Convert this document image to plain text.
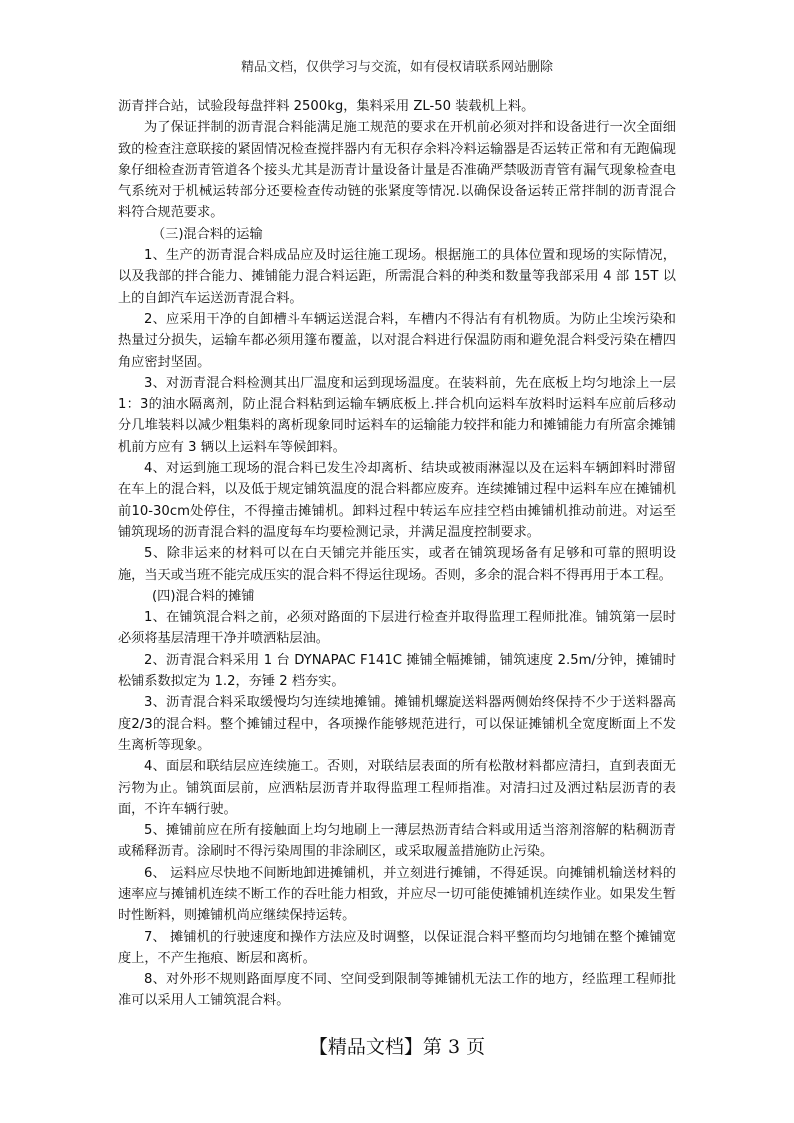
精品文档，仅供学习与交流，如有侵权请联系网站删除

沥青拌合站，试验段每盘拌料 2500kg，集料采用 ZL-50 装载机上料。

为了保证拌制的沥青混合料能满足施工规范的要求在开机前必须对拌和设备进行一次全面细致的检查注意联接的紧固情况检查搅拌器内有无积存余料冷料运输器是否运转正常和有无跑偏现象仔细检查沥青管道各个接头尤其是沥青计量设备计量是否准确严禁吸沥青管有漏气现象检查电气系统对于机械运转部分还要检查传动链的张紧度等情况.以确保设备运转正常拌制的沥青混合料符合规范要求。

（三)混合料的运输

1、生产的沥青混合料成品应及时运往施工现场。根据施工的具体位置和现场的实际情况，以及我部的拌合能力、摊铺能力混合料运距，所需混合料的种类和数量等我部采用 4 部 15T 以上的自卸汽车运送沥青混合料。

2、应采用干净的自卸槽斗车辆运送混合料，车槽内不得沾有有机物质。为防止尘埃污染和热量过分损失，运输车都必须用篷布覆盖，以对混合料进行保温防雨和避免混合料受污染在槽四角应密封坚固。

3、对沥青混合料检测其出厂温度和运到现场温度。在装料前，先在底板上均匀地涂上一层1：3的油水隔离剂，防止混合料粘到运输车辆底板上.拌合机向运料车放料时运料车应前后移动分几堆装料以减少粗集料的离析现象同时运料车的运输能力较拌和能力和摊铺能力有所富余摊铺机前方应有 3 辆以上运料车等候卸料。

4、对运到施工现场的混合料已发生冷却离析、结块或被雨淋湿以及在运料车辆卸料时滞留在车上的混合料，以及低于规定铺筑温度的混合料都应废弃。连续摊铺过程中运料车应在摊铺机前10-30cm处停住，不得撞击摊铺机。卸料过程中转运车应挂空档由摊铺机推动前进。对运至铺筑现场的沥青混合料的温度每车均要检测记录，并满足温度控制要求。

5、除非运来的材料可以在白天铺完并能压实，或者在铺筑现场备有足够和可靠的照明设施，当天或当班不能完成压实的混合料不得运往现场。否则，多余的混合料不得再用于本工程。

(四)混合料的摊铺

1、在铺筑混合料之前，必须对路面的下层进行检查并取得监理工程师批准。铺筑第一层时必须将基层清理干净并喷洒粘层油。

2、沥青混合料采用 1 台 DYNAPAC F141C 摊铺全幅摊铺，铺筑速度 2.5m/分钟，摊铺时松铺系数拟定为 1.2，夯锤 2 档夯实。

3、沥青混合料采取缓慢均匀连续地摊铺。摊铺机螺旋送料器两侧始终保持不少于送料器高度2/3的混合料。整个摊铺过程中，各项操作能够规范进行，可以保证摊铺机全宽度断面上不发生离析等现象。

4、面层和联结层应连续施工。否则，对联结层表面的所有松散材料都应清扫，直到表面无污物为止。铺筑面层前，应洒粘层沥青并取得监理工程师指准。对清扫过及洒过粘层沥青的表面，不许车辆行驶。

5、摊铺前应在所有接触面上均匀地刷上一薄层热沥青结合料或用适当溶剂溶解的粘稠沥青或稀释沥青。涂刷时不得污染周围的非涂刷区，或采取履盖措施防止污染。

6、 运料应尽快地不间断地卸进摊铺机，并立刻进行摊铺，不得延误。向摊铺机输送材料的速率应与摊铺机连续不断工作的吞吐能力相致，并应尽一切可能使摊铺机连续作业。如果发生暂时性断料，则摊铺机尚应继续保持运转。

7、 摊铺机的行驶速度和操作方法应及时调整，以保证混合料平整而均匀地铺在整个摊铺宽度上，不产生拖痕、断层和离析。

8、对外形不规则路面厚度不同、空间受到限制等摊铺机无法工作的地方，经监理工程师批准可以采用人工铺筑混合料。

【精品文档】第 3 页
